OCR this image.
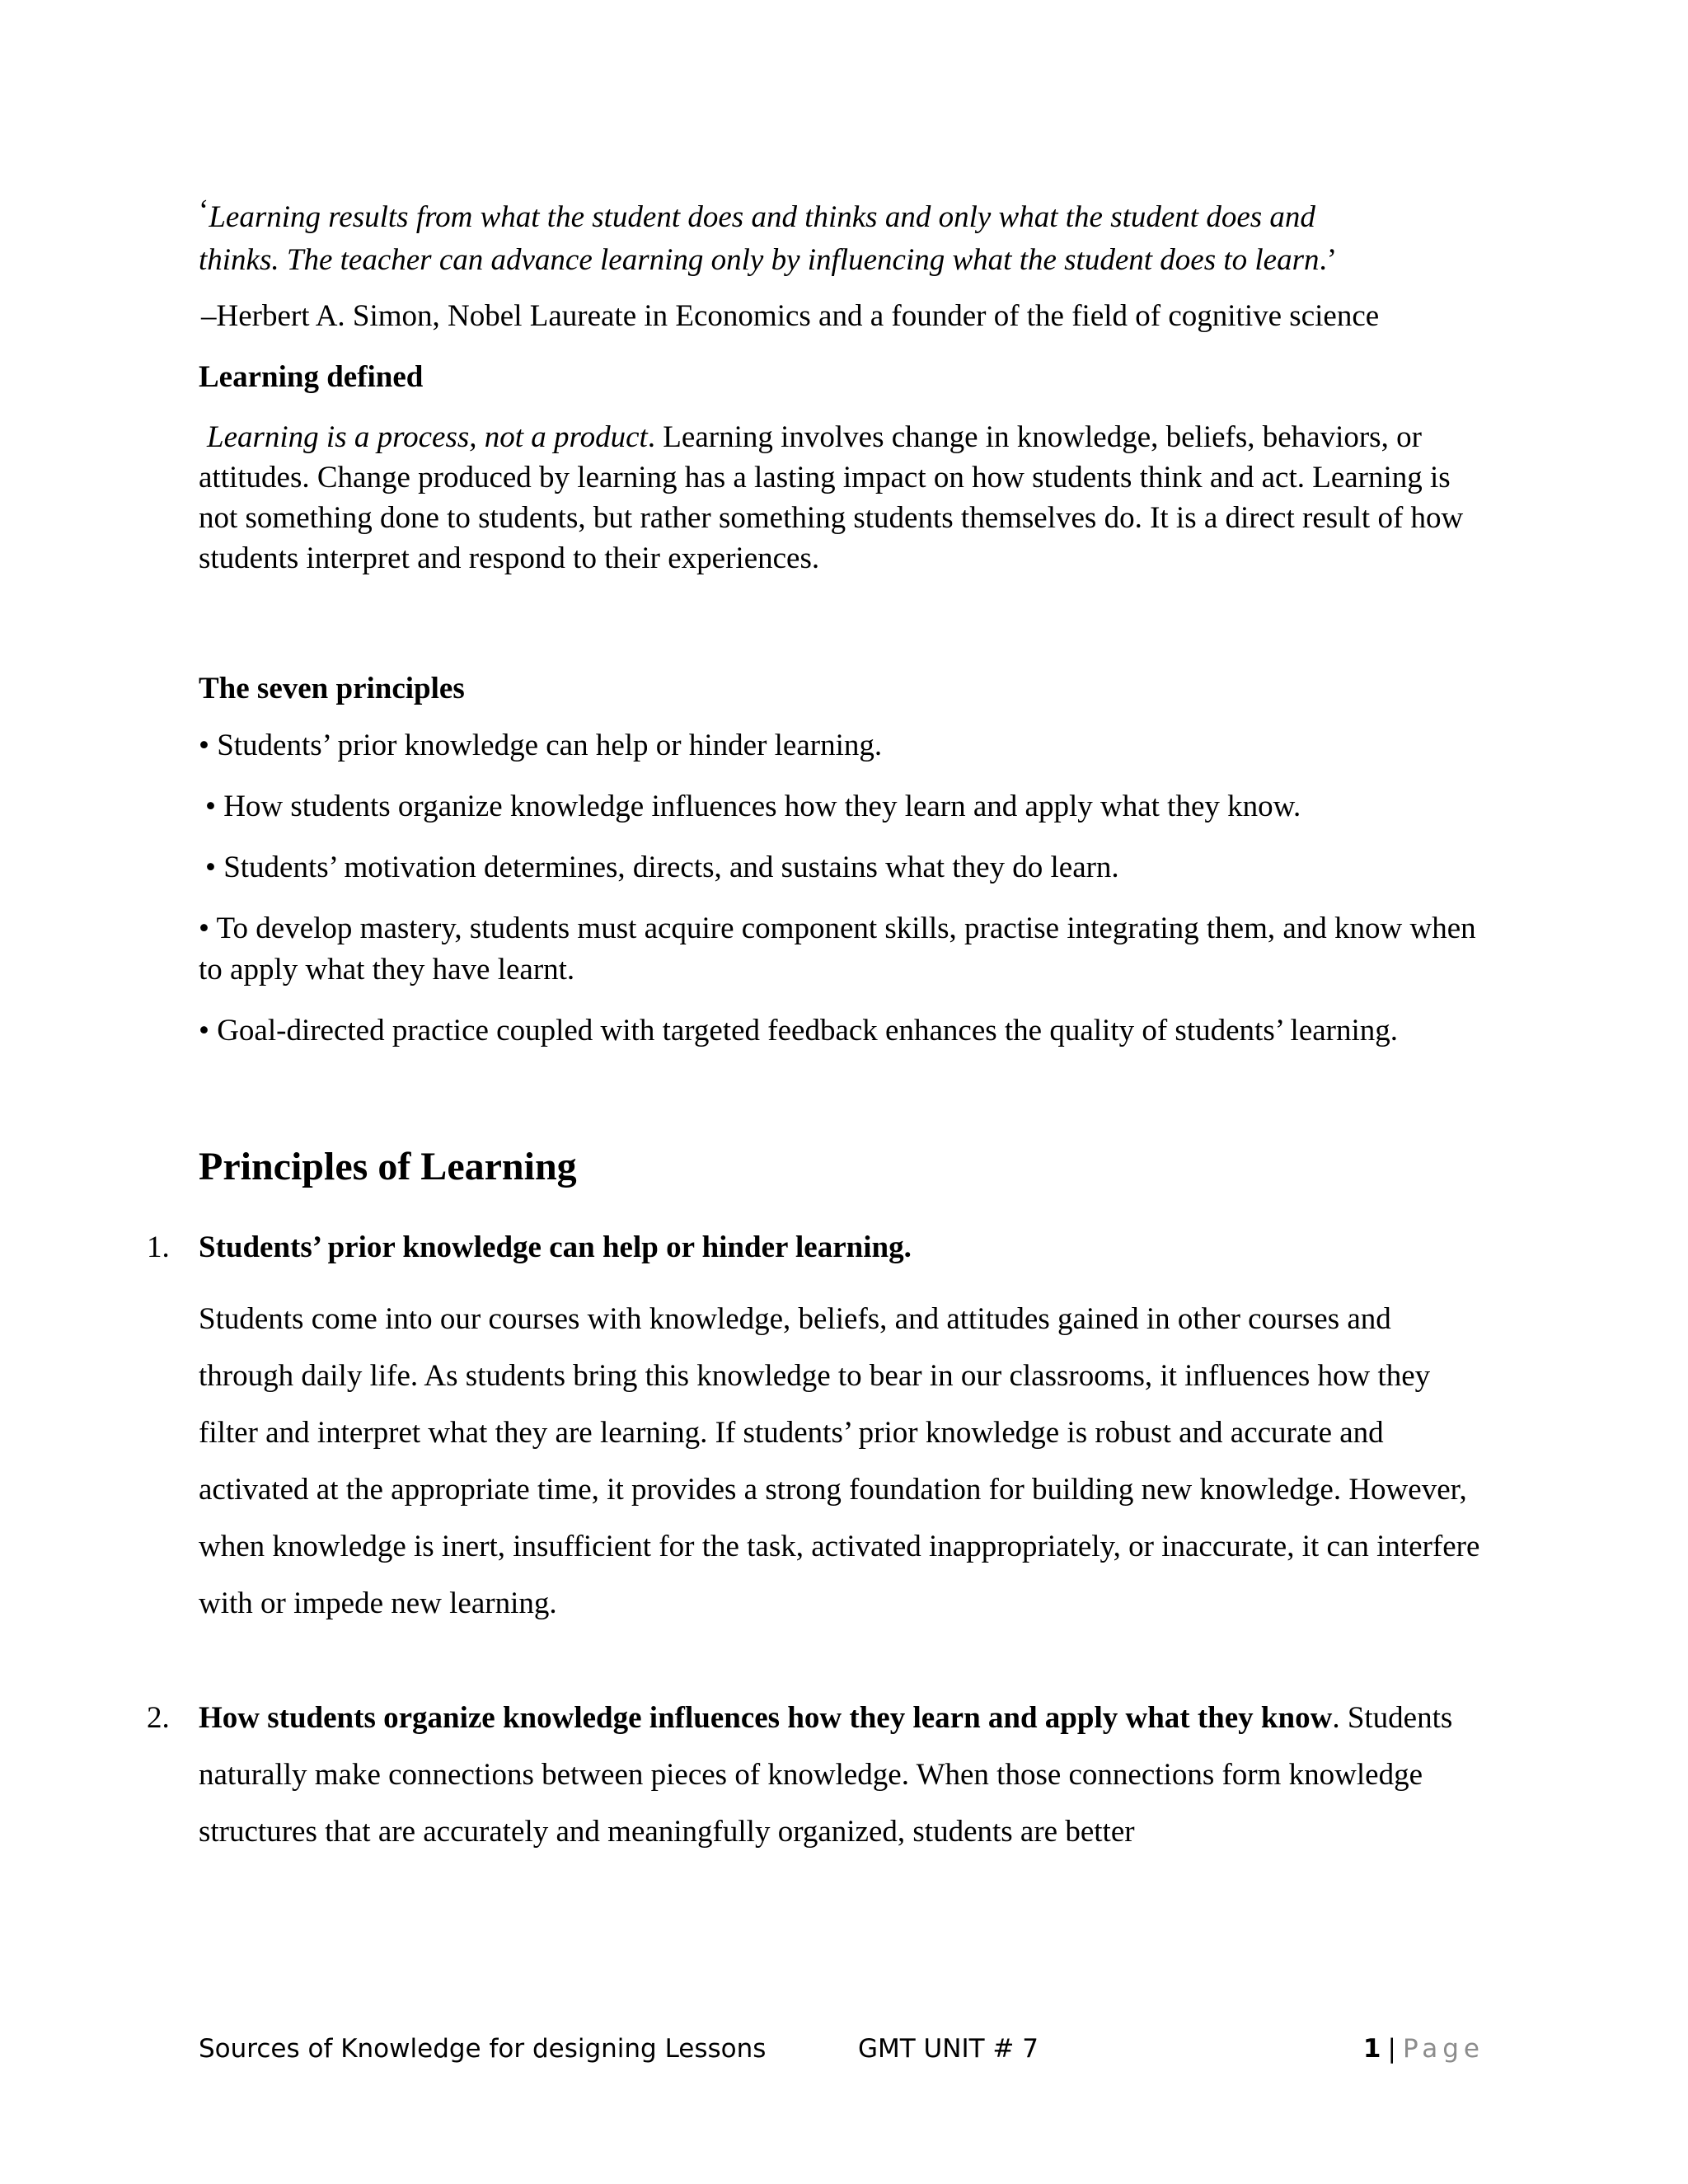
‘Learning results from what the student does and thinks and only what the student does and

thinks. The teacher can advance learning only by influencing what the student does to learn.’

–Herbert A. Simon, Nobel Laureate in Economics and a founder of the field of cognitive science

Learning defined

Learning is a process, not a product. Learning involves change in knowledge, beliefs, behaviors, or attitudes. Change produced by learning has a lasting impact on how students think and act. Learning is not something done to students, but rather something students themselves do. It is a direct result of how students interpret and respond to their experiences.

The seven principles

• Students’ prior knowledge can help or hinder learning.

• How students organize knowledge influences how they learn and apply what they know.

• Students’ motivation determines, directs, and sustains what they do learn.

• To develop mastery, students must acquire component skills, practise integrating them, and know when to apply what they have learnt.

• Goal-directed practice coupled with targeted feedback enhances the quality of students’ learning.

Principles of Learning

1. Students’ prior knowledge can help or hinder learning.

Students come into our courses with knowledge, beliefs, and attitudes gained in other courses and through daily life. As students bring this knowledge to bear in our classrooms, it influences how they filter and interpret what they are learning. If students’ prior knowledge is robust and accurate and activated at the appropriate time, it provides a strong foundation for building new knowledge. However, when knowledge is inert, insufficient for the task, activated inappropriately, or inaccurate, it can interfere with or impede new learning.

2. How students organize knowledge influences how they learn and apply what they know. Students naturally make connections between pieces of knowledge. When those connections form knowledge structures that are accurately and meaningfully organized, students are better
Sources of Knowledge for designing Lessons	GMT UNIT # 7	1 | Page
